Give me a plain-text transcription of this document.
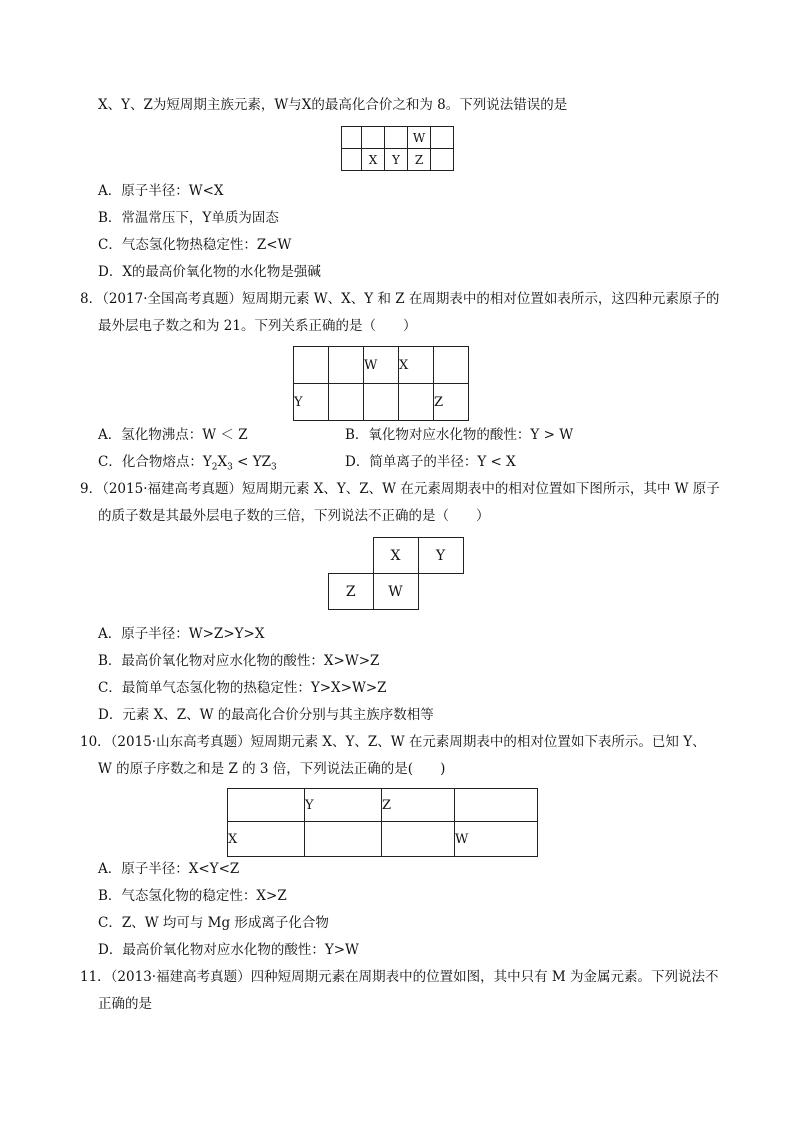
X、Y、Z为短周期主族元素，W与X的最高化合价之和为 8。下列说法错误的是
			W	
	X	Y	Z	
A．原子半径：W<X
B．常温常压下，Y单质为固态
C．气态氢化物热稳定性：Z<W
D．X的最高价氧化物的水化物是强碱
8．（2017·全国高考真题）短周期元素 W、X、Y 和 Z 在周期表中的相对位置如表所示，这四种元素原子的
最外层电子数之和为 21。下列关系正确的是（　　）
		W	X	
Y				Z
A．氢化物沸点：W ＜ Z	B．氧化物对应水化物的酸性：Y > W
C．化合物熔点：$Y_2X_3 < YZ_3$	D．简单离子的半径：Y < X
9．（2015·福建高考真题）短周期元素 X、Y、Z、W 在元素周期表中的相对位置如下图所示，其中 W 原子
的质子数是其最外层电子数的三倍，下列说法不正确的是（　　）
	X	Y
Z	W	
A．原子半径：W>Z>Y>X
B．最高价氧化物对应水化物的酸性：X>W>Z
C．最简单气态氢化物的热稳定性：Y>X>W>Z
D．元素 X、Z、W 的最高化合价分别与其主族序数相等
10．（2015·山东高考真题）短周期元素 X、Y、Z、W 在元素周期表中的相对位置如下表所示。已知 Y、
W 的原子序数之和是 Z 的 3 倍，下列说法正确的是(　　)
	Y	Z	
X			W
A．原子半径：X<Y<Z
B．气态氢化物的稳定性：X>Z
C．Z、W 均可与 Mg 形成离子化合物
D．最高价氧化物对应水化物的酸性：Y>W
11．（2013·福建高考真题）四种短周期元素在周期表中的位置如图，其中只有 M 为金属元素。下列说法不
正确的是
